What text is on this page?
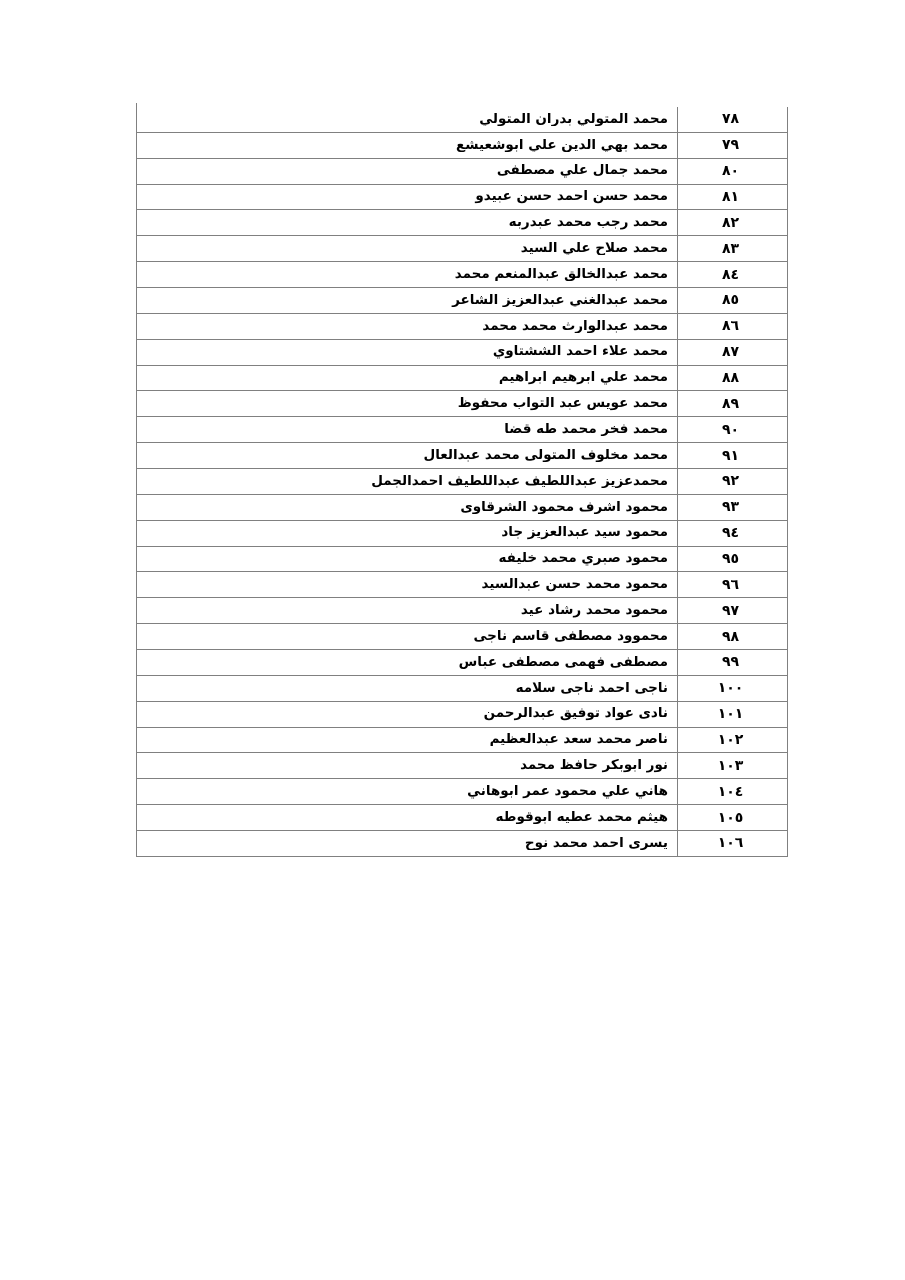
٧٨
محمد المتولي بدران المتولي
٧٩
محمد بهي الدين علي ابوشعيشع
٨٠
محمد جمال علي مصطفى
٨١
محمد حسن احمد حسن عبيدو
٨٢
محمد رجب محمد عبدربه
٨٣
محمد صلاح علي السيد
٨٤
محمد عبدالخالق عبدالمنعم محمد
٨٥
محمد عبدالغني عبدالعزيز الشاعر
٨٦
محمد عبدالوارث محمد محمد
٨٧
محمد علاء احمد الششتاوي
٨٨
محمد علي ابرهيم ابراهيم
٨٩
محمد عويس عبد التواب محفوظ
٩٠
محمد فخر محمد طه قضا
٩١
محمد مخلوف المتولى محمد عبدالعال
٩٢
محمدعزيز عبداللطيف عبداللطيف احمدالجمل
٩٣
محمود اشرف محمود الشرقاوى
٩٤
محمود سيد عبدالعزيز جاد
٩٥
محمود صبري محمد خليفه
٩٦
محمود محمد حسن عبدالسيد
٩٧
محمود محمد رشاد عيد
٩٨
محموود مصطفى قاسم ناجى
٩٩
مصطفى فهمى مصطفى عباس
١٠٠
ناجى احمد ناجى سلامه
١٠١
نادى عواد توفيق عبدالرحمن
١٠٢
ناصر محمد سعد عبدالعظيم
١٠٣
نور ابوبكر حافظ محمد
١٠٤
هاني علي محمود عمر ابوهاني
١٠٥
هيثم محمد عطيه ابوقوطه
١٠٦
يسرى احمد محمد نوح
